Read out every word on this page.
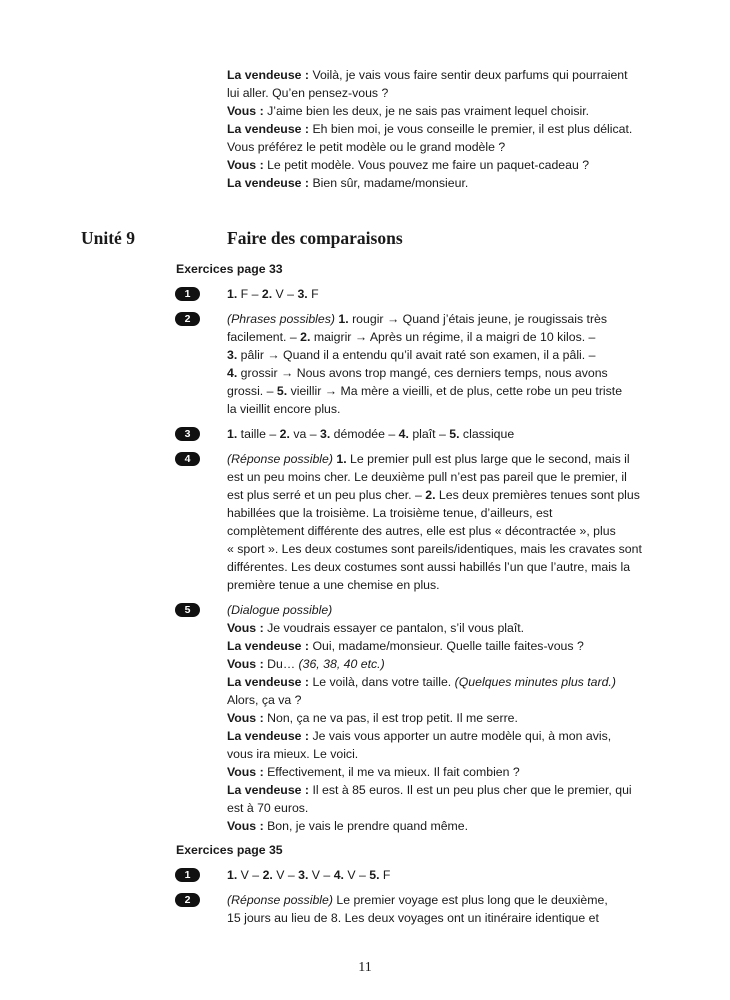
La vendeuse : Voilà, je vais vous faire sentir deux parfums qui pourraient

lui aller. Qu’en pensez-vous ?

Vous : J’aime bien les deux, je ne sais pas vraiment lequel choisir.

La vendeuse : Eh bien moi, je vous conseille le premier, il est plus délicat.

Vous préférez le petit modèle ou le grand modèle ?

Vous : Le petit modèle. Vous pouvez me faire un paquet-cadeau ?

La vendeuse : Bien sûr, madame/monsieur.

Unité 9	Faire des comparaisons
Exercices page 33
Exercices page 35
1	1. F – 2. V – 3. F

2	(Phrases possibles) 1. rougir → Quand j’étais jeune, je rougissais très

facilement. – 2. maigrir → Après un régime, il a maigri de 10 kilos. –

3. pâlir → Quand il a entendu qu’il avait raté son examen, il a pâli. –

4. grossir → Nous avons trop mangé, ces derniers temps, nous avons

grossi. – 5. vieillir → Ma mère a vieilli, et de plus, cette robe un peu triste

la vieillit encore plus.

3	1. taille – 2. va – 3. démodée – 4. plaît – 5. classique

4	(Réponse possible) 1. Le premier pull est plus large que le second, mais il

est un peu moins cher. Le deuxième pull n’est pas pareil que le premier, il

est plus serré et un peu plus cher. – 2. Les deux premières tenues sont plus

habillées que la troisième. La troisième tenue, d’ailleurs, est

complètement différente des autres, elle est plus « décontractée », plus

« sport ». Les deux costumes sont pareils/identiques, mais les cravates sont

différentes. Les deux costumes sont aussi habillés l’un que l’autre, mais la

première tenue a une chemise en plus.

5	(Dialogue possible)

Vous : Je voudrais essayer ce pantalon, s’il vous plaît.

La vendeuse : Oui, madame/monsieur. Quelle taille faites-vous ?

Vous : Du… (36, 38, 40 etc.)

La vendeuse : Le voilà, dans votre taille. (Quelques minutes plus tard.)

Alors, ça va ?

Vous : Non, ça ne va pas, il est trop petit. Il me serre.

La vendeuse : Je vais vous apporter un autre modèle qui, à mon avis,

vous ira mieux. Le voici.

Vous : Effectivement, il me va mieux. Il fait combien ?

La vendeuse : Il est à 85 euros. Il est un peu plus cher que le premier, qui

est à 70 euros.

Vous : Bon, je vais le prendre quand même.

1	1. V – 2. V – 3. V – 4. V – 5. F

2	(Réponse possible) Le premier voyage est plus long que le deuxième,

15 jours au lieu de 8. Les deux voyages ont un itinéraire identique et

11
